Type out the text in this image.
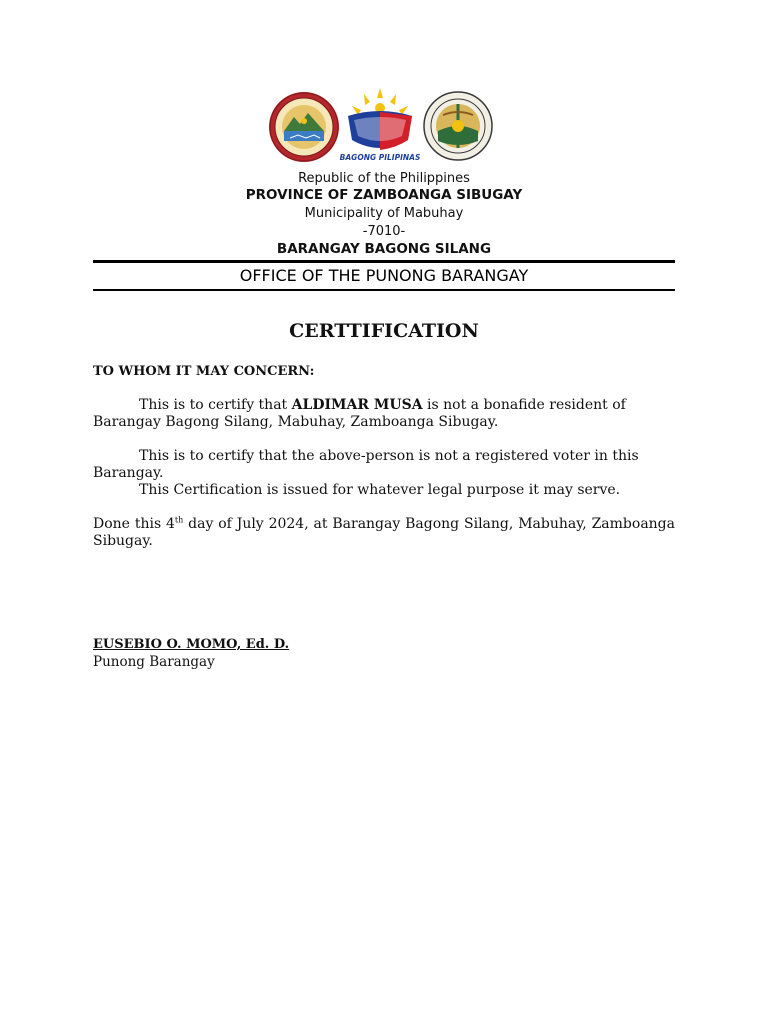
BAGONG PILIPINAS
Republic of the Philippines
PROVINCE OF ZAMBOANGA SIBUGAY
Municipality of Mabuhay
-7010-
BARANGAY BAGONG SILANG
OFFICE OF THE PUNONG BARANGAY
CERTTIFICATION
TO WHOM IT MAY CONCERN:
This is to certify that ALDIMAR MUSA is not a bonafide resident of Barangay Bagong Silang, Mabuhay, Zamboanga Sibugay.
This is to certify that the above-person is not a registered voter in this Barangay.
This Certification is issued for whatever legal purpose it may serve.
Done this 4th day of July 2024, at Barangay Bagong Silang, Mabuhay, Zamboanga Sibugay.
EUSEBIO O. MOMO, Ed. D.
Punong Barangay
